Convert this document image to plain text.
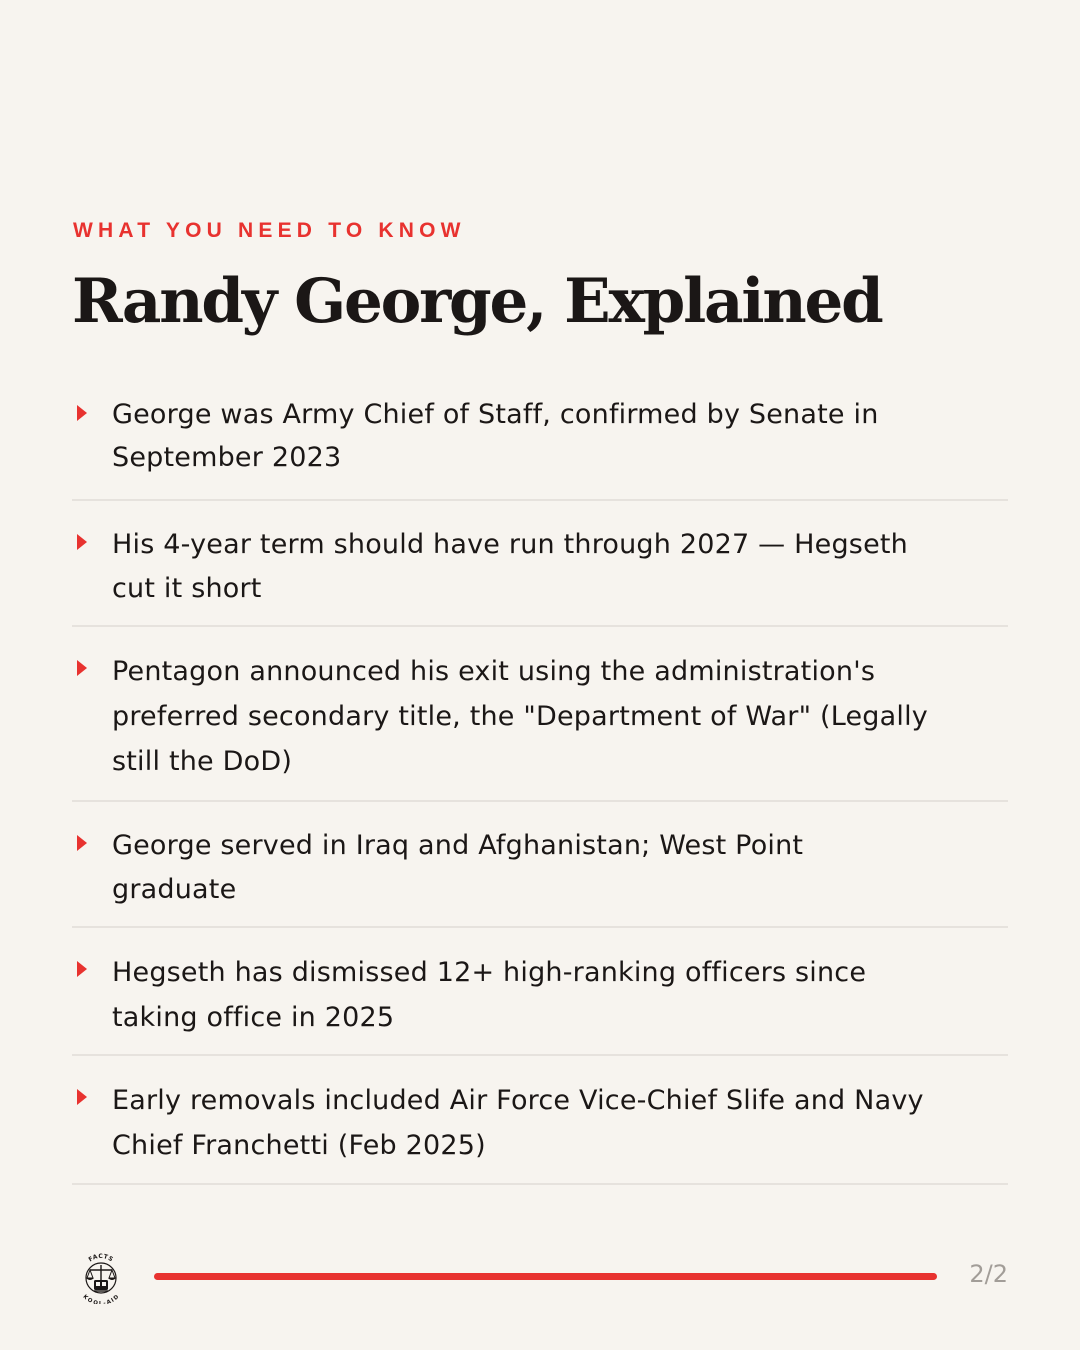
WHAT YOU NEED TO KNOW
Randy George, Explained
George was Army Chief of Staff, confirmed by Senate in
September 2023
His 4-year term should have run through 2027 — Hegseth
cut it short
Pentagon announced his exit using the administration's
preferred secondary title, the "Department of War" (Legally
still the DoD)
George served in Iraq and Afghanistan; West Point
graduate
Hegseth has dismissed 12+ high-ranking officers since
taking office in 2025
Early removals included Air Force Vice-Chief Slife and Navy
Chief Franchetti (Feb 2025)
FACTS
KOOL-AID
2/2
